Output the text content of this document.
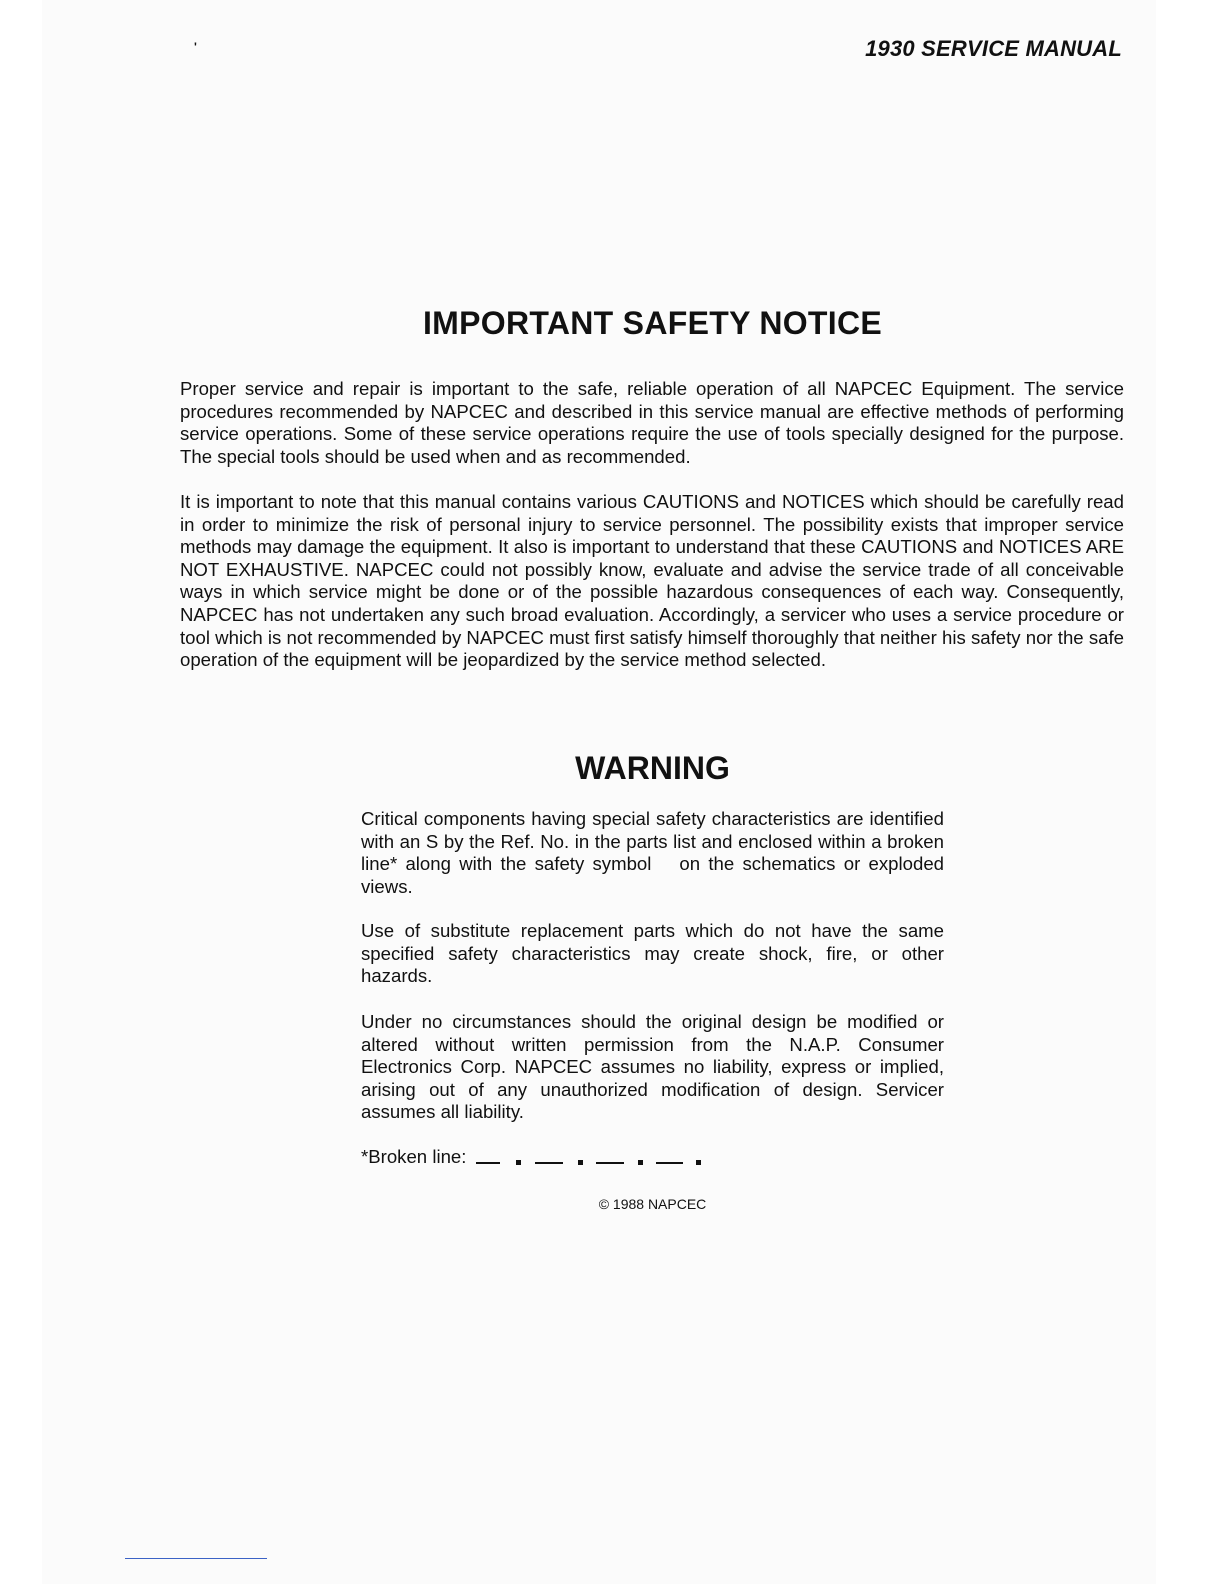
'	1930 SERVICE MANUAL
IMPORTANT SAFETY NOTICE

Proper service and repair is important to the safe, reliable operation of all NAPCEC Equipment. The service procedures recommended by NAPCEC and described in this service manual are effective methods of performing service operations. Some of these service operations require the use of tools specially designed for the purpose. The special tools should be used when and as recommended.

It is important to note that this manual contains various CAUTIONS and NOTICES which should be carefully read in order to minimize the risk of personal injury to service personnel. The possibility exists that improper service methods may damage the equipment. It also is important to understand that these CAUTIONS and NOTICES ARE NOT EXHAUSTIVE. NAPCEC could not possibly know, evaluate and advise the service trade of all conceivable ways in which service might be done or of the possible hazardous consequences of each way. Consequently, NAPCEC has not undertaken any such broad evaluation. Accordingly, a servicer who uses a service procedure or tool which is not recommended by NAPCEC must first satisfy himself thoroughly that neither his safety nor the safe operation of the equipment will be jeopardized by the service method selected.

WARNING

Critical components having special safety characteristics are identified with an S by the Ref. No. in the parts list and enclosed within a broken line* along with the safety symbol on the schematics or exploded views.

Use of substitute replacement parts which do not have the same specified safety characteristics may create shock, fire, or other hazards.

Under no circumstances should the original design be modified or altered without written permission from the N.A.P. Consumer Electronics Corp. NAPCEC assumes no liability, express or implied, arising out of any unauthorized modification of design. Servicer assumes all liability.

*Broken line:
© 1988 NAPCEC
